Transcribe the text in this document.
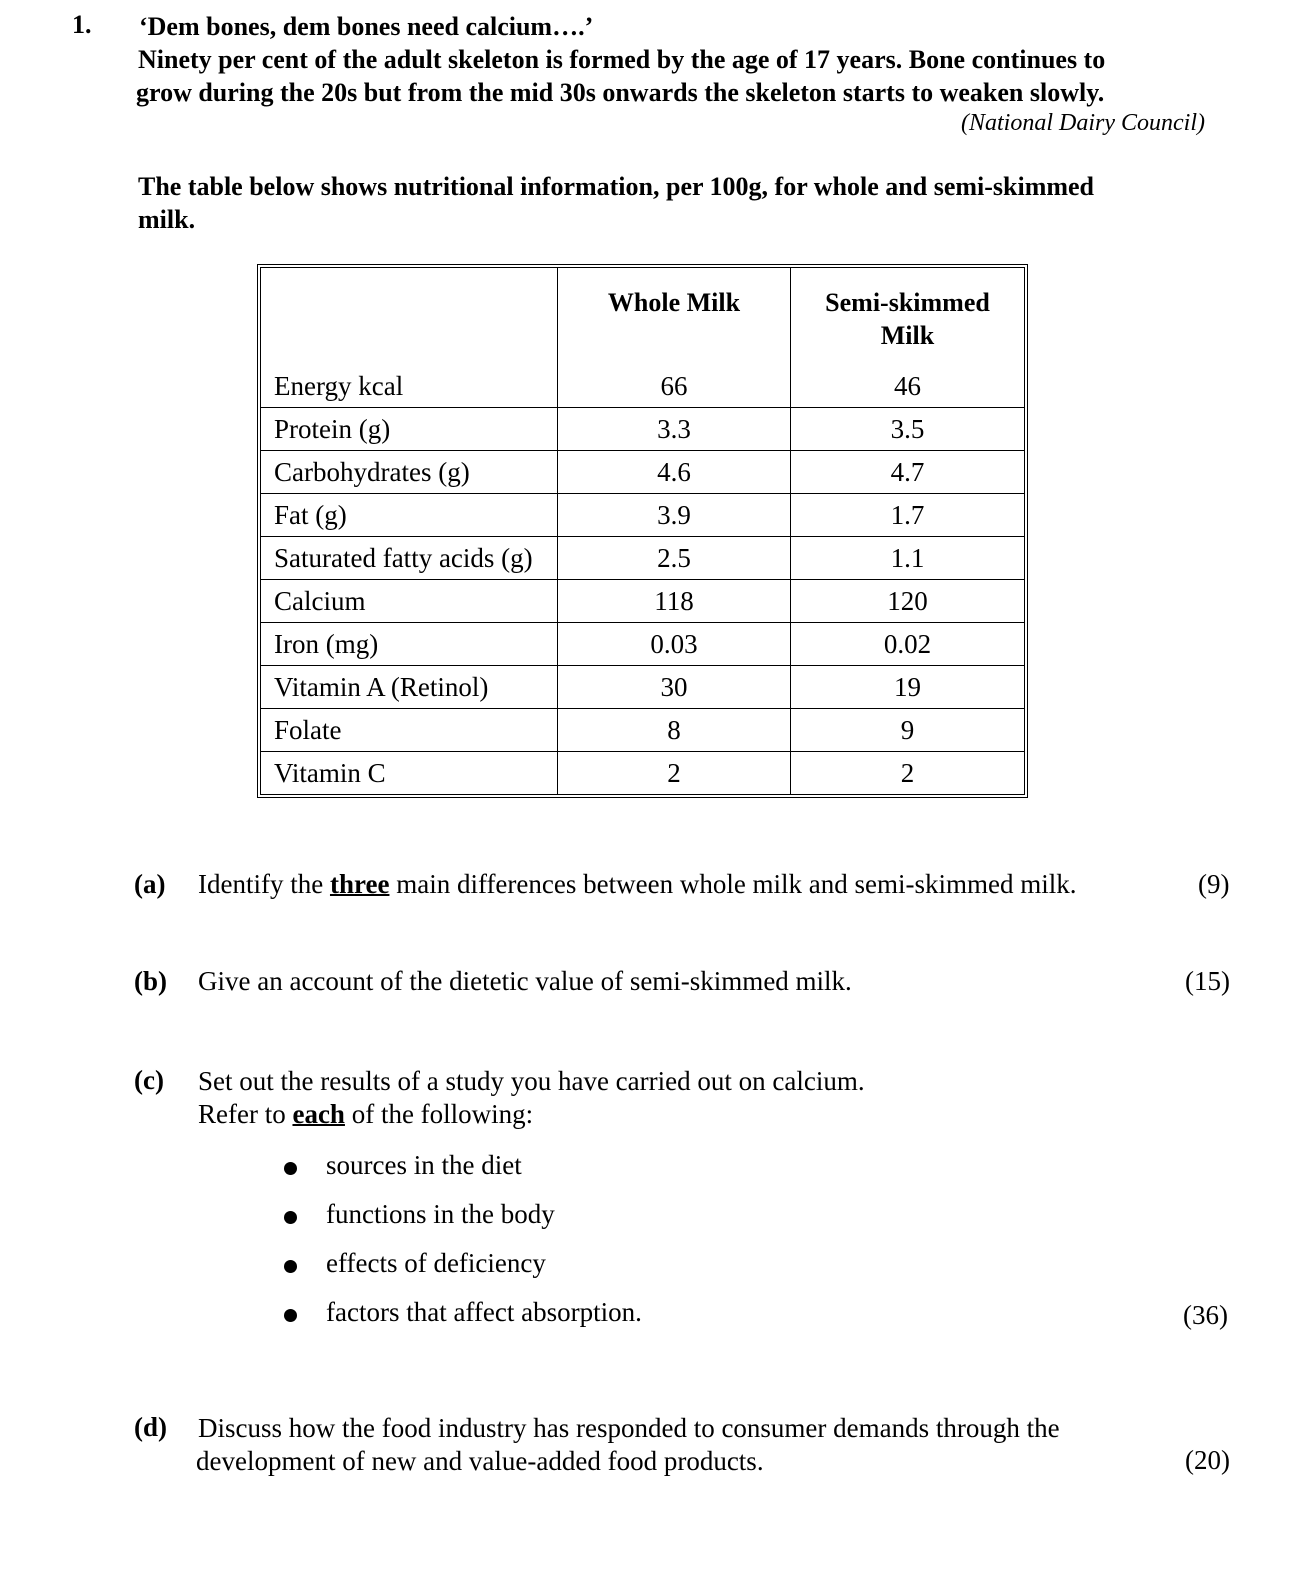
1. ‘Dem bones, dem bones need calcium….’
Ninety per cent of the adult skeleton is formed by the age of 17 years. Bone continues to
grow during the 20s but from the mid 30s onwards the skeleton starts to weaken slowly.
(National Dairy Council)
The table below shows nutritional information, per 100g, for whole and semi-skimmed
milk.
	Whole Milk	Semi-skimmed
Milk
Energy kcal	66	46
Protein (g)	3.3	3.5
Carbohydrates (g)	4.6	4.7
Fat (g)	3.9	1.7
Saturated fatty acids (g)	2.5	1.1
Calcium	118	120
Iron (mg)	0.03	0.02
Vitamin A (Retinol)	30	19
Folate	8	9
Vitamin C	2	2
(a) Identify the three main differences between whole milk and semi-skimmed milk.	(9)
(b) Give an account of the dietetic value of semi-skimmed milk.	(15)
(c) Set out the results of a study you have carried out on calcium.
Refer to each of the following:
sources in the diet
functions in the body
effects of deficiency
factors that affect absorption.	(36)
(d) Discuss how the food industry has responded to consumer demands through the
development of new and value-added food products.	(20)
